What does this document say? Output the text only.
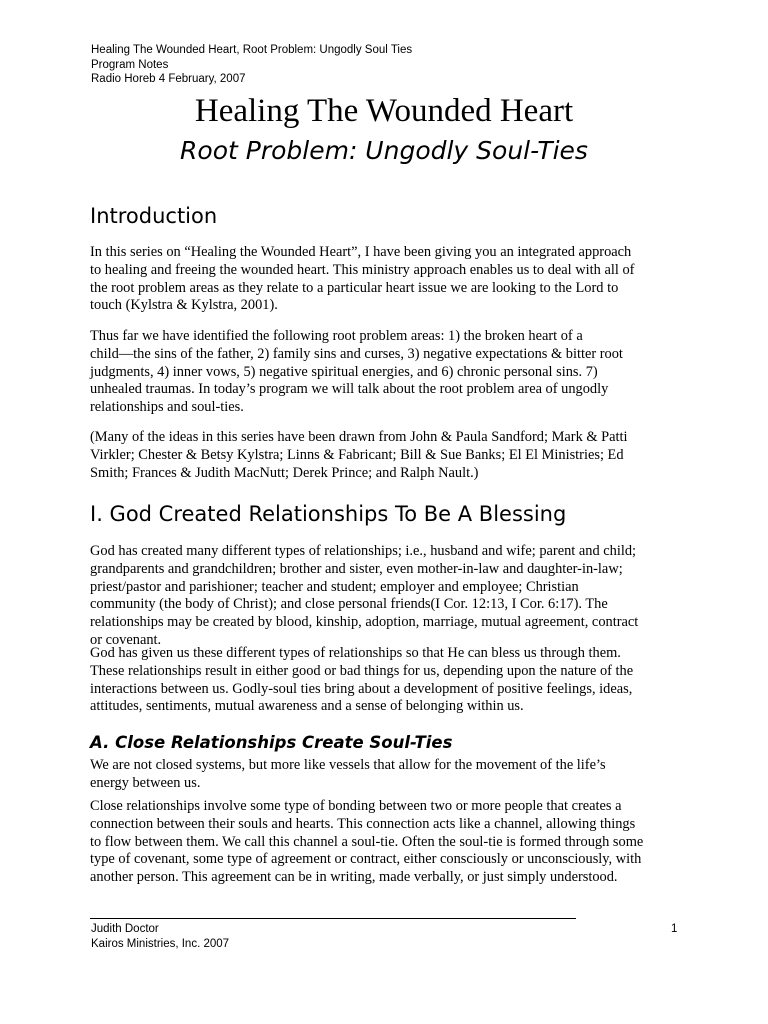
Healing The Wounded Heart, Root Problem: Ungodly Soul Ties
Program Notes
Radio Horeb 4 February, 2007
Healing The Wounded Heart
Root Problem: Ungodly Soul-Ties
Introduction
In this series on “Healing the Wounded Heart”, I have been giving you an integrated approach
to healing and freeing the wounded heart. This ministry approach enables us to deal with all of
the root problem areas as they relate to a particular heart issue we are looking to the Lord to
touch (Kylstra & Kylstra, 2001).
Thus far we have identified the following root problem areas: 1) the broken heart of a
child—the sins of the father, 2) family sins and curses, 3) negative expectations & bitter root
judgments, 4) inner vows, 5) negative spiritual energies, and 6) chronic personal sins. 7)
unhealed traumas. In today’s program we will talk about the root problem area of ungodly
relationships and soul-ties.
(Many of the ideas in this series have been drawn from John & Paula Sandford; Mark & Patti
Virkler; Chester & Betsy Kylstra; Linns & Fabricant; Bill & Sue Banks; El El Ministries; Ed
Smith; Frances & Judith MacNutt; Derek Prince; and Ralph Nault.)
I. God Created Relationships To Be A Blessing
God has created many different types of relationships; i.e., husband and wife; parent and child;
grandparents and grandchildren; brother and sister, even mother-in-law and daughter-in-law;
priest/pastor and parishioner; teacher and student; employer and employee; Christian
community (the body of Christ); and close personal friends(I Cor. 12:13, I Cor. 6:17). The
relationships may be created by blood, kinship, adoption, marriage, mutual agreement, contract
or covenant.
God has given us these different types of relationships so that He can bless us through them.
These relationships result in either good or bad things for us, depending upon the nature of the
interactions between us. Godly-soul ties bring about a development of positive feelings, ideas,
attitudes, sentiments, mutual awareness and a sense of belonging within us.
A. Close Relationships Create Soul-Ties
We are not closed systems, but more like vessels that allow for the movement of the life’s
energy between us.
Close relationships involve some type of bonding between two or more people that creates a
connection between their souls and hearts. This connection acts like a channel, allowing things
to flow between them. We call this channel a soul-tie. Often the soul-tie is formed through some
type of covenant, some type of agreement or contract, either consciously or unconsciously, with
another person. This agreement can be in writing, made verbally, or just simply understood.
Judith Doctor
Kairos Ministries, Inc. 2007
1
